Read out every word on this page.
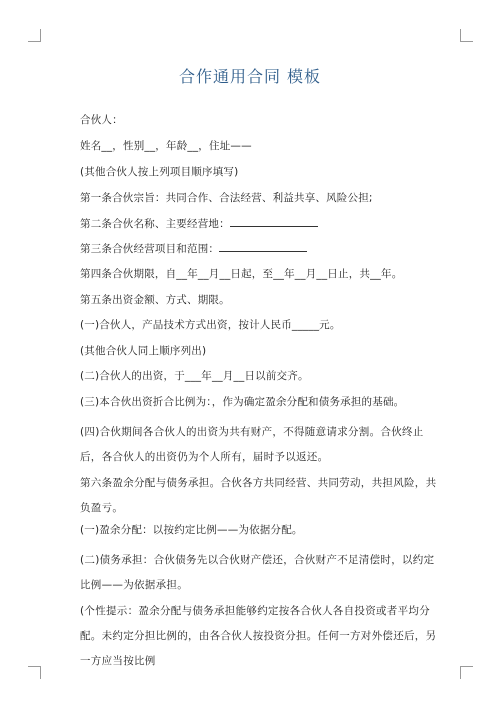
合作通用合同 模板
合伙人：
姓名__，性别__，年龄__，住址——
(其他合伙人按上列项目顺序填写)
第一条合伙宗旨：共同合作、合法经营、利益共享、风险公担;
第二条合伙名称、主要经营地：
第三条合伙经营项目和范围：
第四条合伙期限，自__年__月__日起，至__年__月__日止，共__年。
第五条出资金额、方式、期限。
(一)合伙人，产品技术方式出资，按计人民币_____元。
(其他合伙人同上顺序列出)
(二)合伙人的出资，于___年__月__日以前交齐。
(三)本合伙出资折合比例为：，作为确定盈余分配和债务承担的基础。
(四)合伙期间各合伙人的出资为共有财产，不得随意请求分割。合伙终止后，各合伙人的出资仍为个人所有，届时予以返还。
第六条盈余分配与债务承担。合伙各方共同经营、共同劳动，共担风险，共负盈亏。
(一)盈余分配：以按约定比例——为依据分配。
(二)债务承担：合伙债务先以合伙财产偿还，合伙财产不足清偿时，以约定比例——为依据承担。
(个性提示：盈余分配与债务承担能够约定按各合伙人各自投资或者平均分配。未约定分担比例的，由各合伙人按投资分担。任何一方对外偿还后，另一方应当按比例
